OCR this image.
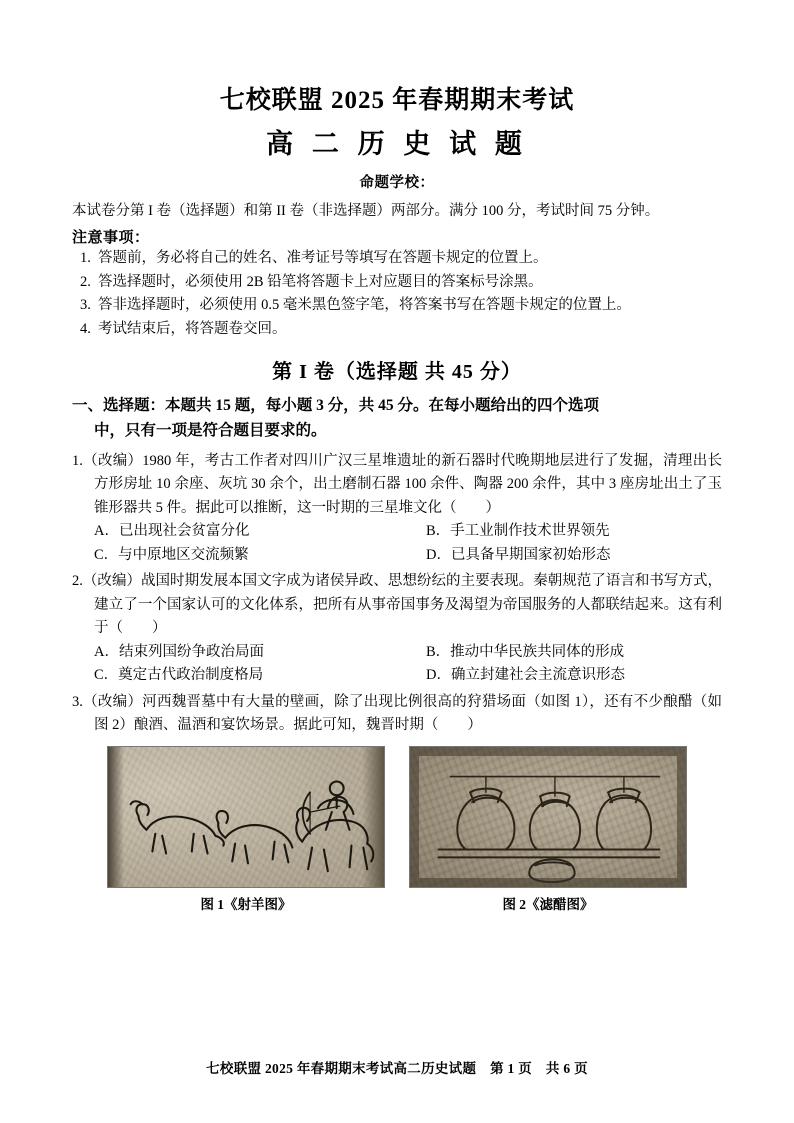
七校联盟 2025 年春期期末考试
高 二 历 史 试 题
命题学校：
本试卷分第 I 卷（选择题）和第 II 卷（非选择题）两部分。满分 100 分，考试时间 75 分钟。
注意事项：
1. 答题前，务必将自己的姓名、准考证号等填写在答题卡规定的位置上。
2. 答选择题时，必须使用 2B 铅笔将答题卡上对应题目的答案标号涂黑。
3. 答非选择题时，必须使用 0.5 毫米黑色签字笔，将答案书写在答题卡规定的位置上。
4. 考试结束后，将答题卷交回。
第 I 卷（选择题 共 45 分）
一、选择题：本题共 15 题，每小题 3 分，共 45 分。在每小题给出的四个选项
中，只有一项是符合题目要求的。
1.（改编）1980 年，考古工作者对四川广汉三星堆遗址的新石器时代晚期地层进行了发掘，清理出长方形房址 10 余座、灰坑 30 余个，出土磨制石器 100 余件、陶器 200 余件，其中 3 座房址出土了玉锥形器共 5 件。据此可以推断，这一时期的三星堆文化（　　）
A．已出现社会贫富分化	B．手工业制作技术世界领先
C．与中原地区交流频繁	D．已具备早期国家初始形态
2.（改编）战国时期发展本国文字成为诸侯异政、思想纷纭的主要表现。秦朝规范了语言和书写方式，建立了一个国家认可的文化体系，把所有从事帝国事务及渴望为帝国服务的人都联结起来。这有利于（　　）
A．结束列国纷争政治局面	B．推动中华民族共同体的形成
C．奠定古代政治制度格局	D．确立封建社会主流意识形态
3.（改编）河西魏晋墓中有大量的壁画，除了出现比例很高的狩猎场面（如图 1），还有不少酿醋（如图 2）酿酒、温酒和宴饮场景。据此可知，魏晋时期（　　）
图 1《射羊图》	图 2《滤醋图》
七校联盟 2025 年春期期末考试高二历史试题　第 1 页　共 6 页
